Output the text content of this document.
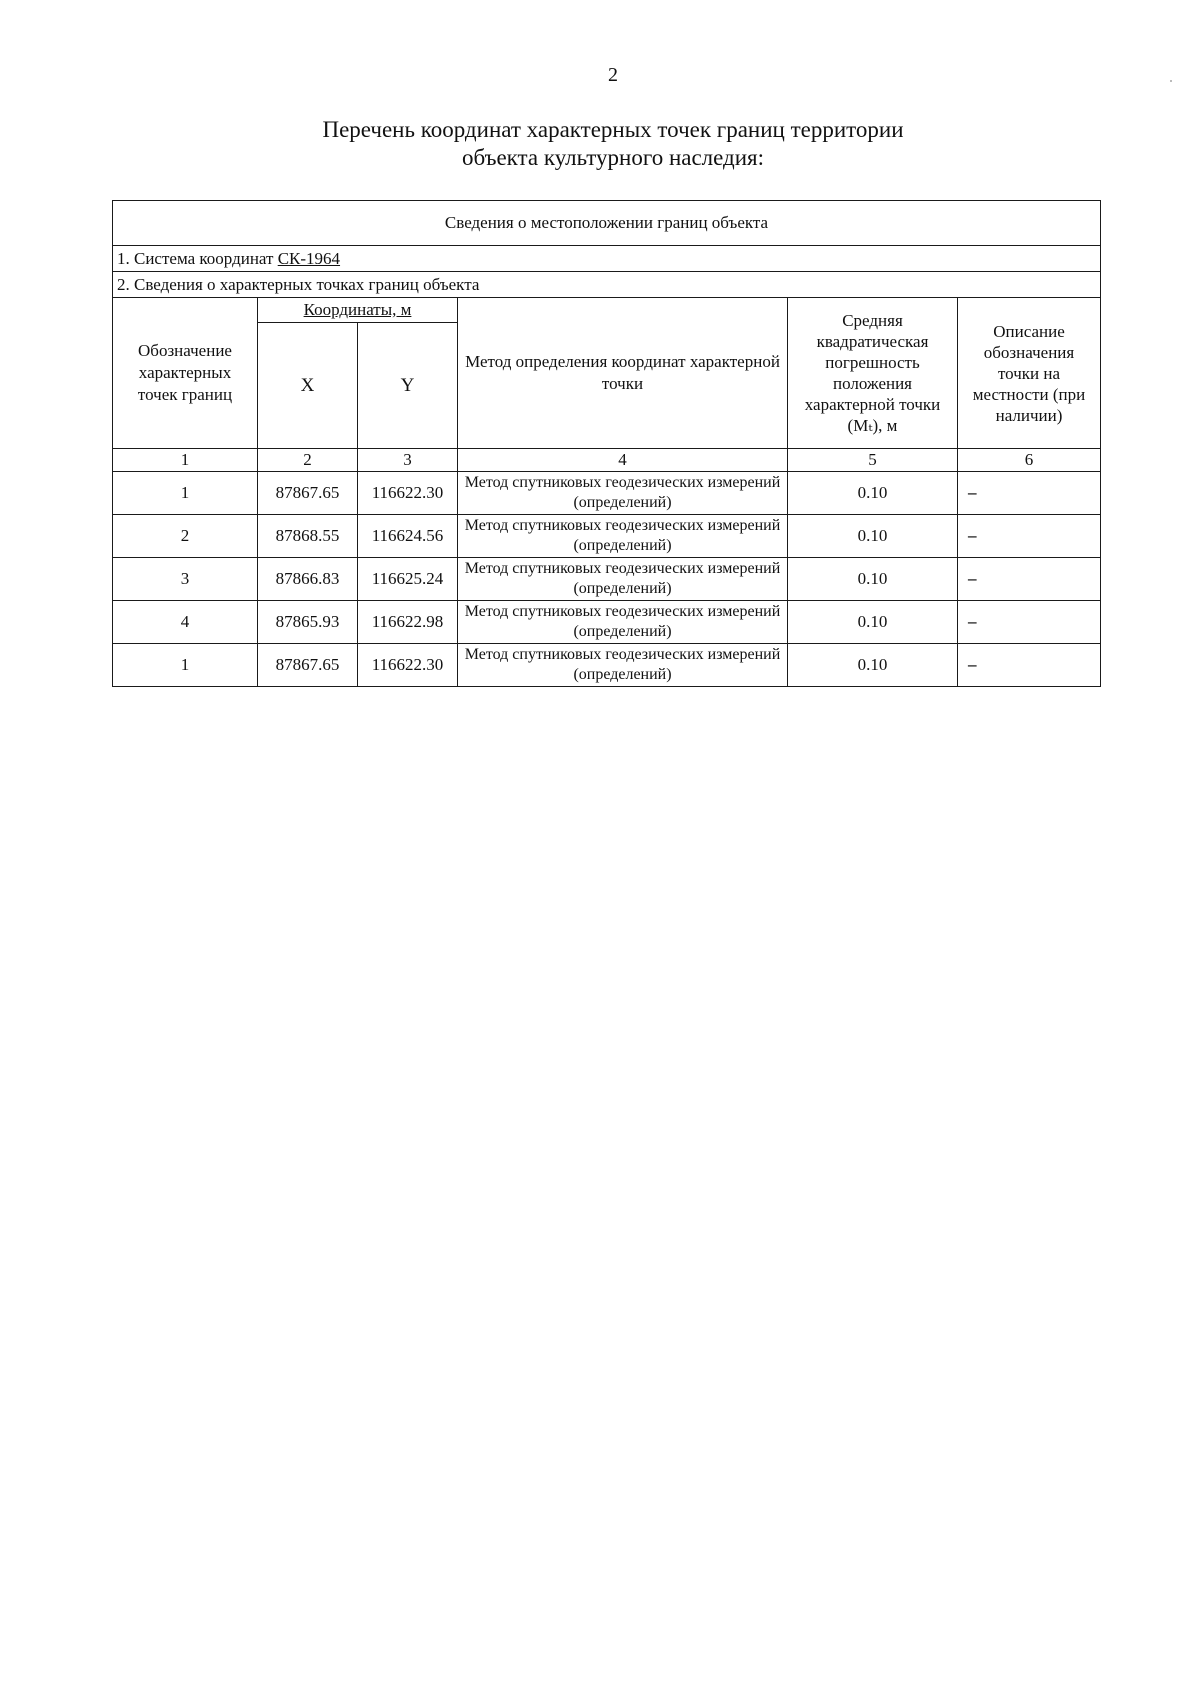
2
Перечень координат характерных точек границ территории
объекта культурного наследия:
Сведения о местоположении границ объекта					
1. Система координат СК-1964					
2. Сведения о характерных точках границ объекта					
Обозначение характерных точек границ	Координаты, м		Метод определения координат характерной точки	Средняя квадратическая погрешность положения характерной точки (Mₜ), м	Описание обозначения точки на местности (при наличии)
	X	Y			
1	2	3	4	5	6
1	87867.65	116622.30	Метод спутниковых геодезических измерений (определений)	0.10	–
2	87868.55	116624.56	Метод спутниковых геодезических измерений (определений)	0.10	–
3	87866.83	116625.24	Метод спутниковых геодезических измерений (определений)	0.10	–
4	87865.93	116622.98	Метод спутниковых геодезических измерений (определений)	0.10	–
1	87867.65	116622.30	Метод спутниковых геодезических измерений (определений)	0.10	–
